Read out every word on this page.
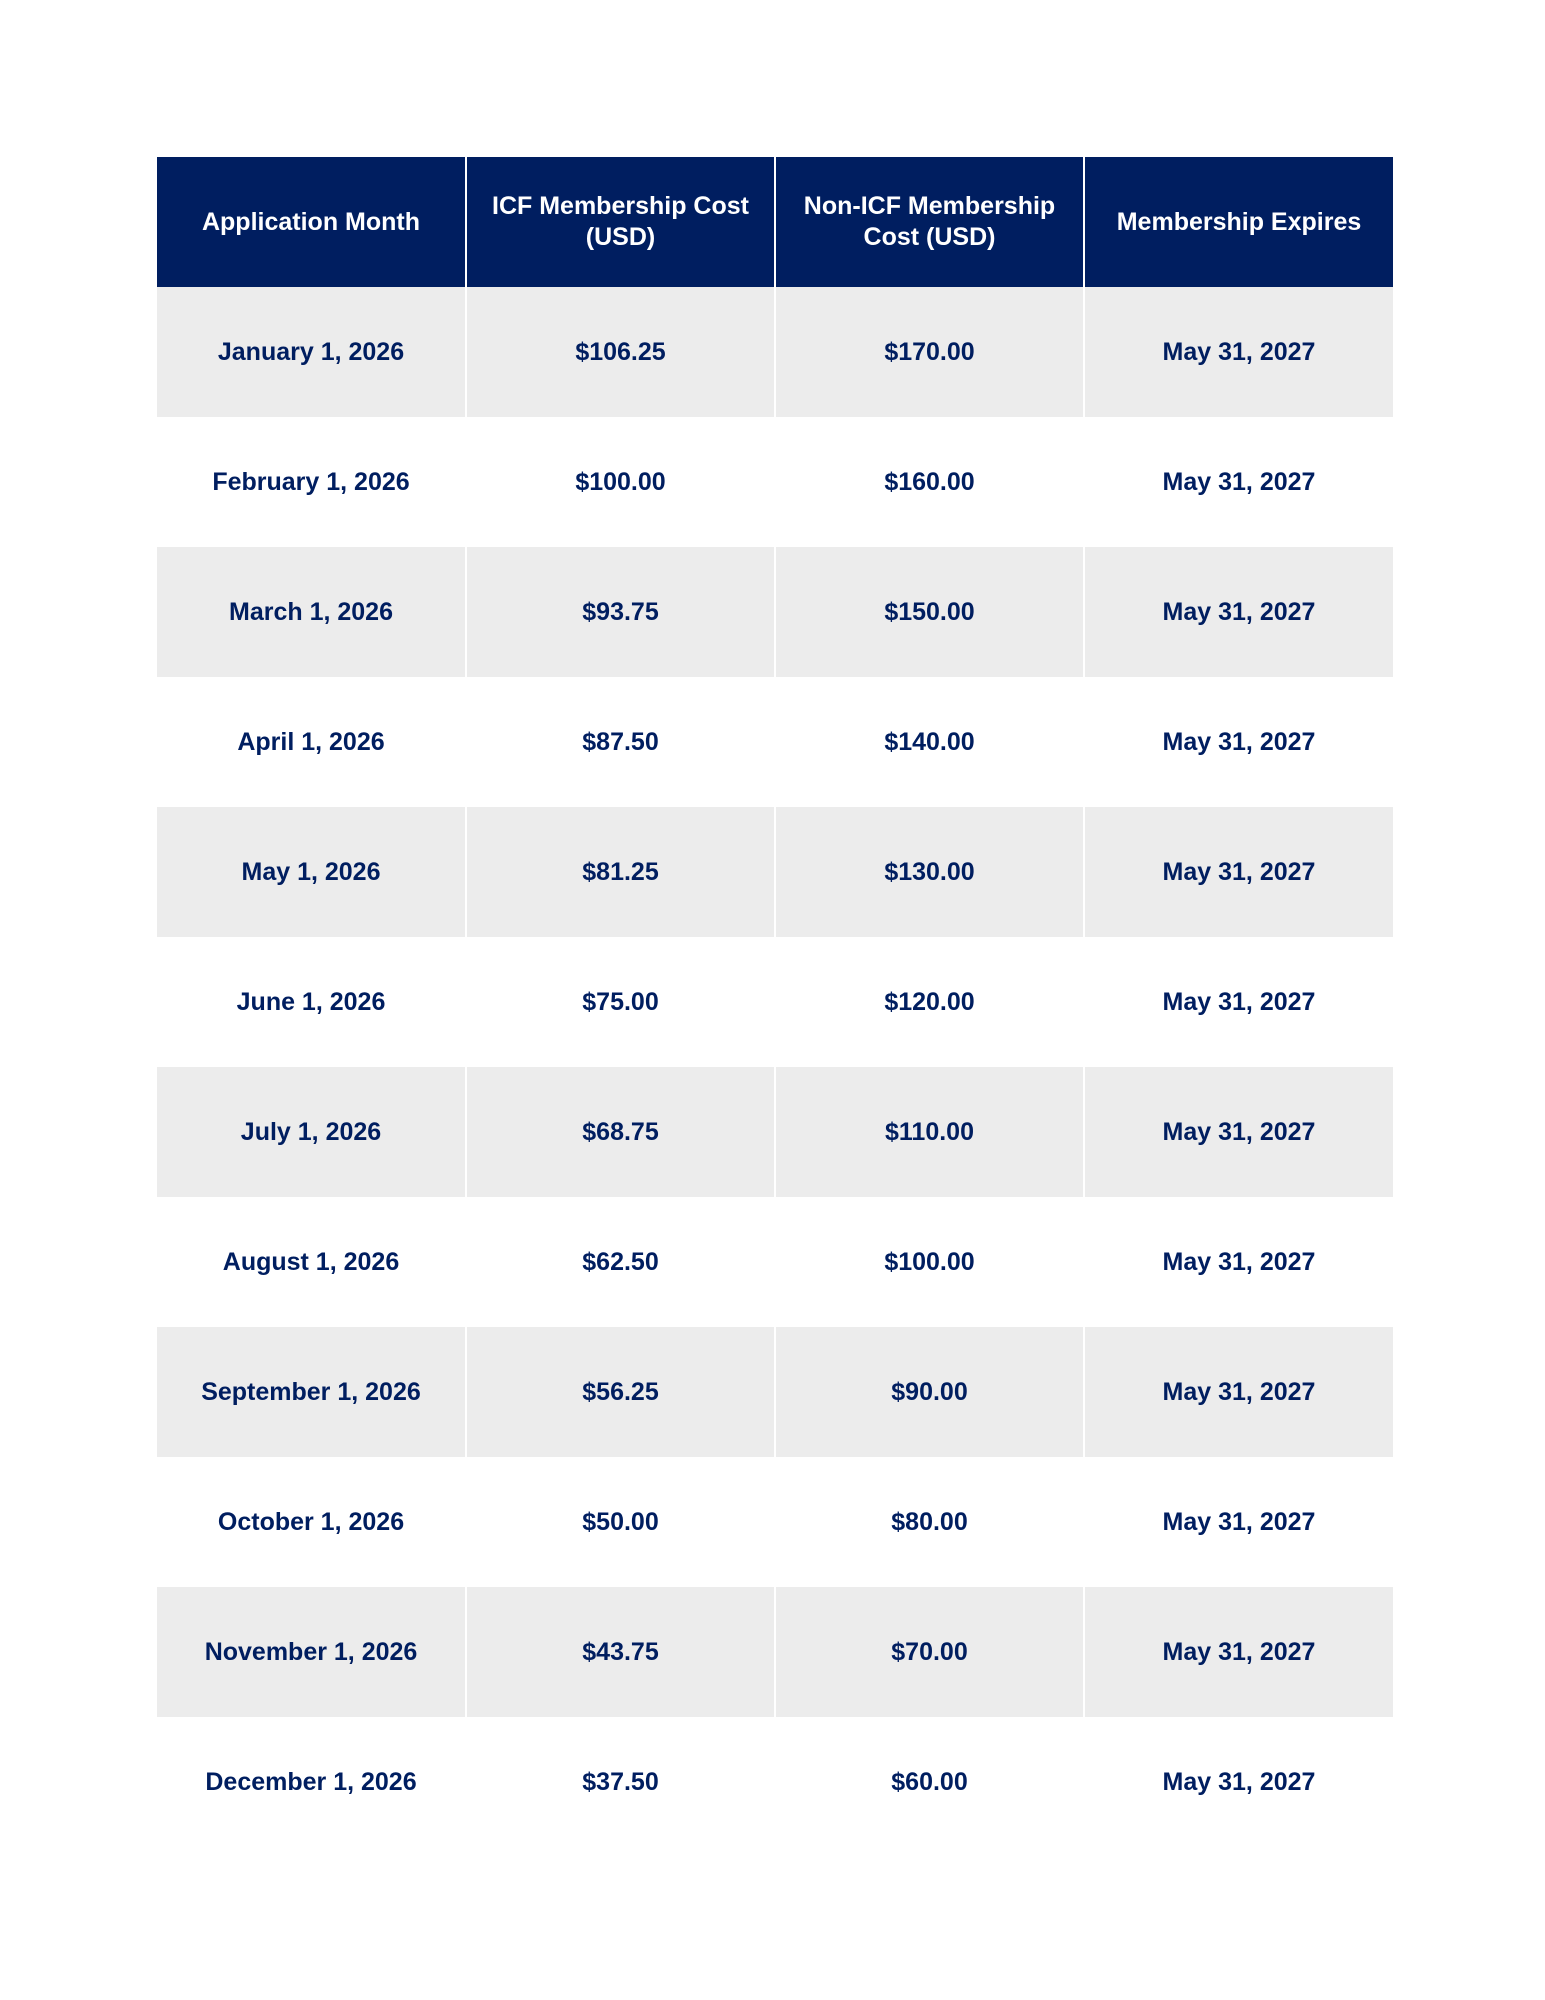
Application Month	ICF Membership Cost (USD)	Non-ICF Membership Cost (USD)	Membership Expires
January 1, 2026	$106.25	$170.00	May 31, 2027
February 1, 2026	$100.00	$160.00	May 31, 2027
March 1, 2026	$93.75	$150.00	May 31, 2027
April 1, 2026	$87.50	$140.00	May 31, 2027
May 1, 2026	$81.25	$130.00	May 31, 2027
June 1, 2026	$75.00	$120.00	May 31, 2027
July 1, 2026	$68.75	$110.00	May 31, 2027
August 1, 2026	$62.50	$100.00	May 31, 2027
September 1, 2026	$56.25	$90.00	May 31, 2027
October 1, 2026	$50.00	$80.00	May 31, 2027
November 1, 2026	$43.75	$70.00	May 31, 2027
December 1, 2026	$37.50	$60.00	May 31, 2027
